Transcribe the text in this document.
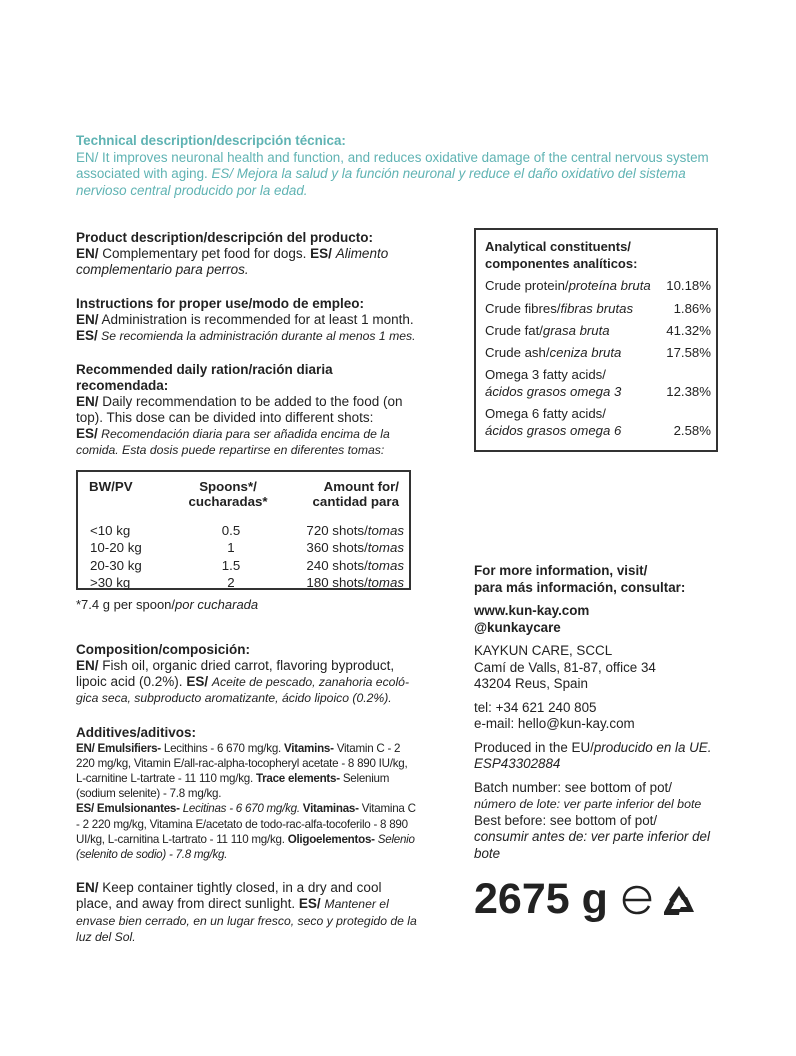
Technical description/descripción técnica:
EN/ It improves neuronal health and function, and reduces oxidative damage of the central nervous system associated with aging. ES/ Mejora la salud y la función neuronal y reduce el daño oxidativo del sistema nervioso central producido por la edad.

Product description/descripción del producto:

EN/ Complementary pet food for dogs. ES/ Alimento complementario para perros.

Instructions for proper use/modo de empleo:

EN/ Administration is recommended for at least 1 month.

ES/ Se recomienda la administración durante al menos 1 mes.

Recommended daily ration/ración diaria recomendada:

EN/ Daily recommendation to be added to the food (on top). This dose can be divided into different shots:

ES/ Recomendación diaria para ser añadida encima de la comida. Esta dosis puede repartirse en diferentes tomas:

BW/PV	Spoons*/ cucharadas*	Amount for/ cantidad para
<10 kg	0.5	720 shots/tomas
10-20 kg	1	360 shots/tomas
20-30 kg	1.5	240 shots/tomas
>30 kg	2	180 shots/tomas
*7.4 g per spoon/por cucharada

Composition/composición:

EN/ Fish oil, organic dried carrot, flavoring byproduct, lipoic acid (0.2%). ES/ Aceite de pescado, zanahoria ecoló-gica seca, subproducto aromatizante, ácido lipoico (0.2%).

Additives/aditivos:

EN/ Emulsifiers- Lecithins - 6 670 mg/kg. Vitamins- Vitamin C - 2 220 mg/kg, Vitamin E/all-rac-alpha-tocopheryl acetate - 8 890 IU/kg, L-carnitine L-tartrate - 11 110 mg/kg. Trace elements- Selenium (sodium selenite) - 7.8 mg/kg.

ES/ Emulsionantes- Lecitinas - 6 670 mg/kg. Vitaminas- Vitamina C - 2 220 mg/kg, Vitamina E/acetato de todo-rac-alfa-tocoferilo - 8 890 UI/kg, L-carnitina L-tartrato - 11 110 mg/kg. Oligoelementos- Selenio (selenito de sodio) - 7.8 mg/kg.

EN/ Keep container tightly closed, in a dry and cool place, and away from direct sunlight. ES/ Mantener el envase bien cerrado, en un lugar fresco, seco y protegido de la luz del Sol.

Analytical constituents/ componentes analíticos:
Crude protein/proteína bruta 10.18%
Crude fibres/fibras brutas	1.86%
Crude fat/grasa bruta	41.32%
Crude ash/ceniza bruta	17.58%
Omega 3 fatty acids/
ácidos grasos omega 3	12.38%
Omega 6 fatty acids/
ácidos grasos omega 6	2.58%

For more information, visit/
para más información, consultar:

www.kun-kay.com
@kunkaycare

KAYKUN CARE, SCCL
Camí de Valls, 81-87, office 34
43204 Reus, Spain

tel: +34 621 240 805
e-mail: hello@kun-kay.com

Produced in the EU/producido en la UE.
ESP43302884

Batch number: see bottom of pot/
número de lote: ver parte inferior del bote
Best before: see bottom of pot/
consumir antes de: ver parte inferior del bote

2675 g
